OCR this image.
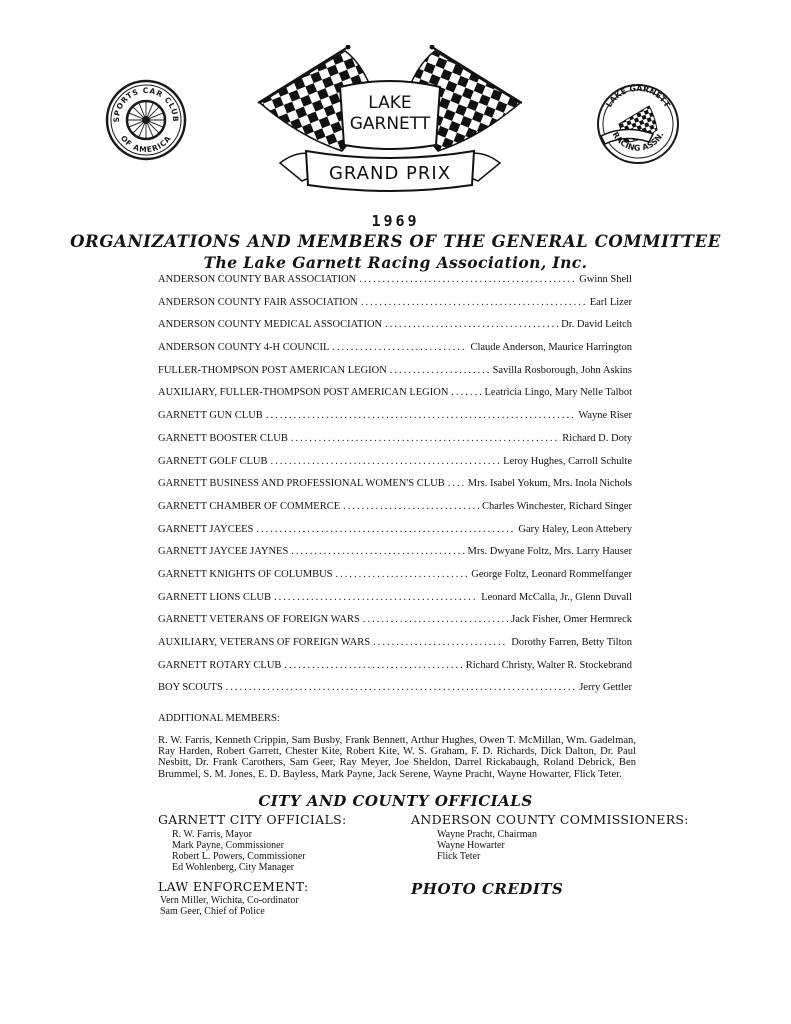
SPORTS CAR CLUB
OF AMERICA
LAKE
GARNETT
GRAND PRIX
LAKE GARNETT
RACING ASSN.
1969
ORGANIZATIONS AND MEMBERS OF THE GENERAL COMMITTEE
The Lake Garnett Racing Association, Inc.
ANDERSON COUNTY BAR ASSOCIATION .....	Gwinn Shell
ANDERSON COUNTY FAIR ASSOCIATION .....	Earl Lizer
ANDERSON COUNTY MEDICAL ASSOCIATION .....	Dr. David Leitch
ANDERSON COUNTY 4-H COUNCIL .....	Claude Anderson, Maurice Harrington
FULLER-THOMPSON POST AMERICAN LEGION .....	Savilla Rosborough, John Askins
AUXILIARY, FULLER-THOMPSON POST AMERICAN LEGION .....	Leatricia Lingo, Mary Nelle Talbot
GARNETT GUN CLUB .....	Wayne Riser
GARNETT BOOSTER CLUB .....	Richard D. Doty
GARNETT GOLF CLUB .....	Leroy Hughes, Carroll Schulte
GARNETT BUSINESS AND PROFESSIONAL WOMEN'S CLUB ..... Mrs. Isabel Yokum, Mrs. Inola Nichols
GARNETT CHAMBER OF COMMERCE .....	Charles Winchester, Richard Singer
GARNETT JAYCEES .....	Gary Haley, Leon Attebery
GARNETT JAYCEE JAYNES .....	Mrs. Dwyane Foltz, Mrs. Larry Hauser
GARNETT KNIGHTS OF COLUMBUS .....	George Foltz, Leonard Rommelfanger
GARNETT LIONS CLUB .....	Leonard McCalla, Jr., Glenn Duvall
GARNETT VETERANS OF FOREIGN WARS .....	Jack Fisher, Omer Hermreck
AUXILIARY, VETERANS OF FOREIGN WARS .....	Dorothy Farren, Betty Tilton
GARNETT ROTARY CLUB .....	Richard Christy, Walter R. Stockebrand
BOY SCOUTS .....	Jerry Gettler
ADDITIONAL MEMBERS:
R. W. Farris, Kenneth Crippin, Sam Busby, Frank Bennett, Arthur Hughes, Owen T. McMillan, Wm. Gadelman, Ray Harden, Robert Garrett, Chester Kite, Robert Kite, W. S. Graham, F. D. Richards, Dick Dalton, Dr. Paul Nesbitt, Dr. Frank Carothers, Sam Geer, Ray Meyer, Joe Sheldon, Darrel Rickabaugh, Roland Debrick, Ben Brummel, S. M. Jones, E. D. Bayless, Mark Payne, Jack Serene, Wayne Pracht, Wayne Howarter, Flick Teter.
CITY AND COUNTY OFFICIALS
GARNETT CITY OFFICIALS:
R. W. Farris, Mayor
Mark Payne, Commissioner
Robert L. Powers, Commissioner
Ed Wohlenberg, City Manager
ANDERSON COUNTY COMMISSIONERS:
Wayne Pracht, Chairman
Wayne Howarter
Flick Teter
LAW ENFORCEMENT:
Vern Miller, Wichita, Co-ordinator
Sam Geer, Chief of Police
PHOTO CREDITS
